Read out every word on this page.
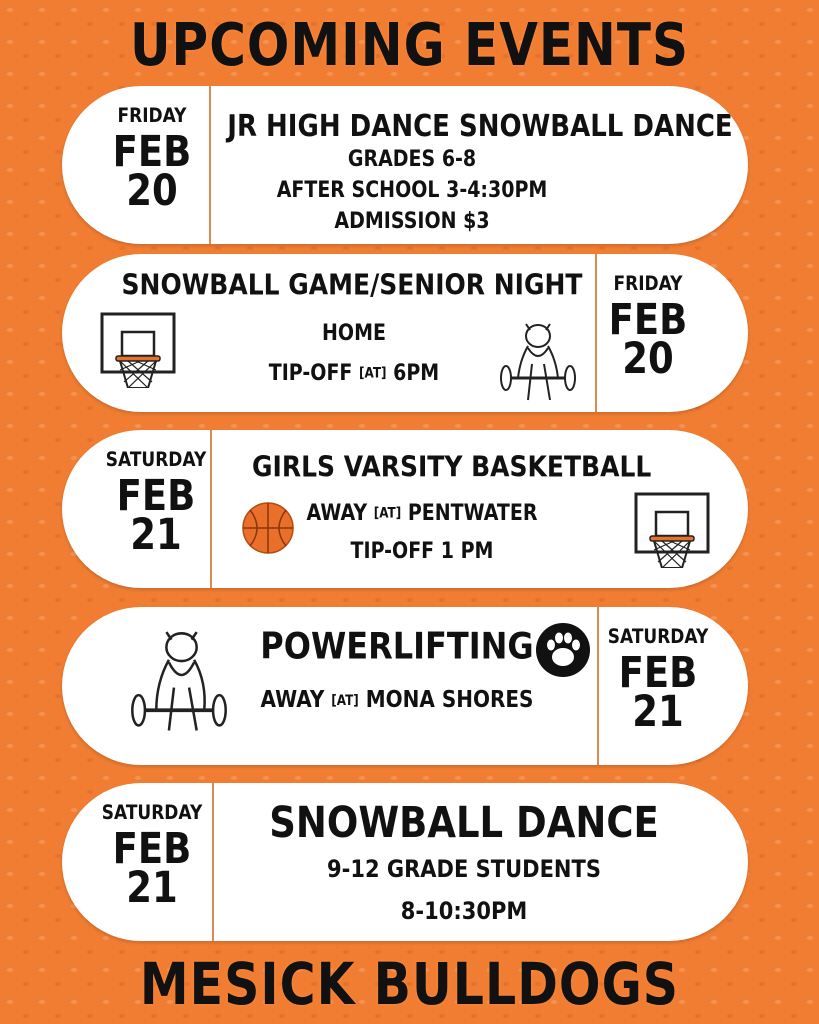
UPCOMING EVENTS
FRIDAY
FEB
20
JR HIGH DANCE SNOWBALL DANCE
GRADES 6-8
AFTER SCHOOL 3-4:30PM
ADMISSION $3
SNOWBALL GAME/SENIOR NIGHT
HOME
TIP-OFF [AT] 6PM
FRIDAY
FEB
20
SATURDAY
FEB
21
GIRLS VARSITY BASKETBALL
AWAY [AT] PENTWATER
TIP-OFF 1 PM
POWERLIFTING
AWAY [AT] MONA SHORES
SATURDAY
FEB
21
SATURDAY
FEB
21
SNOWBALL DANCE
9-12 GRADE STUDENTS
8-10:30PM
MESICK BULLDOGS
